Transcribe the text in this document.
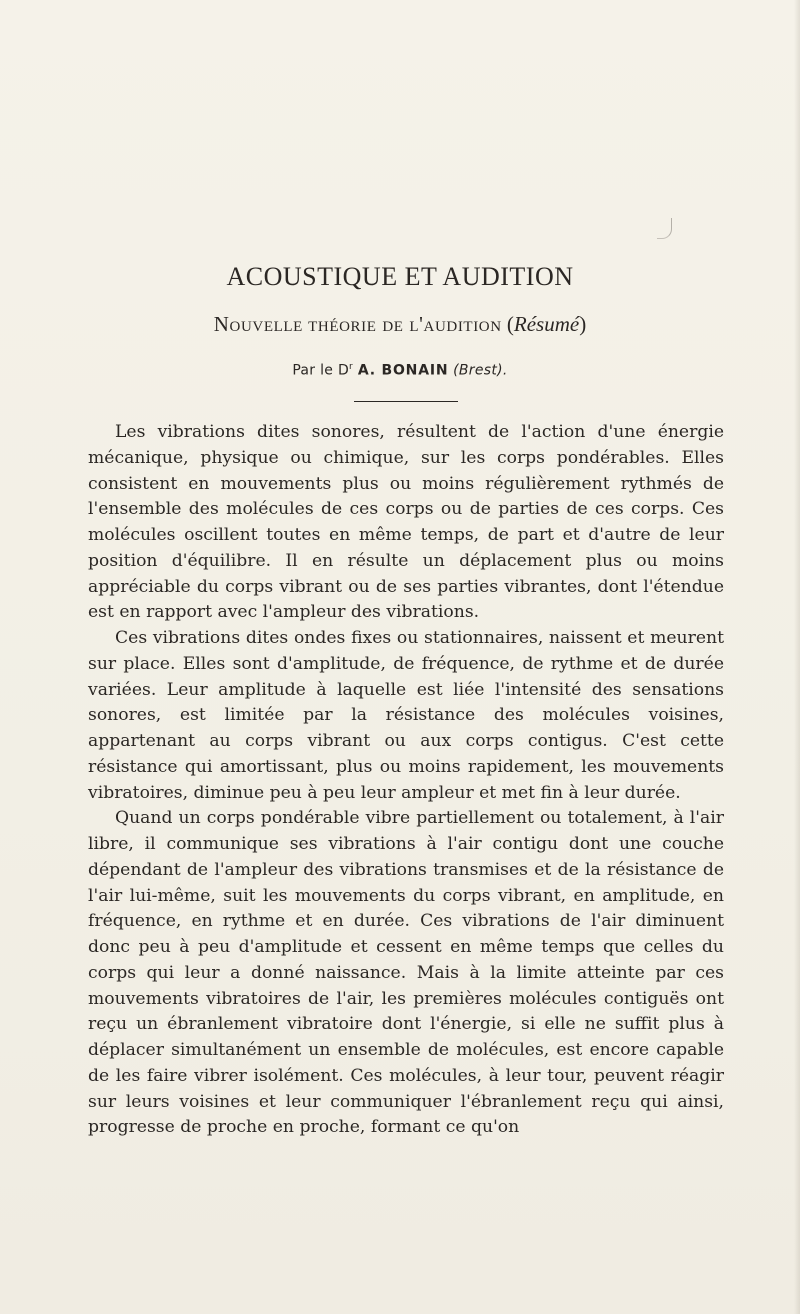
ACOUSTIQUE ET AUDITION
Nouvelle théorie de l'audition (Résumé)
Par le $D^r$ A. BONAIN (Brest).

Les vibrations dites sonores, résultent de l'action d'une énergie mécanique, physique ou chimique, sur les corps pondérables. Elles consistent en mouvements plus ou moins régulièrement rythmés de l'ensemble des molécules de ces corps ou de parties de ces corps. Ces molécules oscillent toutes en même temps, de part et d'autre de leur position d'équilibre. Il en résulte un déplacement plus ou moins appréciable du corps vibrant ou de ses parties vibrantes, dont l'étendue est en rapport avec l'ampleur des vibrations.

Ces vibrations dites ondes fixes ou stationnaires, naissent et meurent sur place. Elles sont d'amplitude, de fréquence, de rythme et de durée variées. Leur amplitude à laquelle est liée l'intensité des sensations sonores, est limitée par la résistance des molécules voisines, appartenant au corps vibrant ou aux corps contigus. C'est cette résistance qui amortissant, plus ou moins rapidement, les mouvements vibratoires, diminue peu à peu leur ampleur et met fin à leur durée.

Quand un corps pondérable vibre partiellement ou totalement, à l'air libre, il communique ses vibrations à l'air contigu dont une couche dépendant de l'ampleur des vibrations transmises et de la résistance de l'air lui-même, suit les mouvements du corps vibrant, en amplitude, en fréquence, en rythme et en durée. Ces vibrations de l'air diminuent donc peu à peu d'amplitude et cessent en même temps que celles du corps qui leur a donné naissance. Mais à la limite atteinte par ces mouvements vibratoires de l'air, les premières molécules contiguës ont reçu un ébranlement vibratoire dont l'énergie, si elle ne suffit plus à déplacer simultanément un ensemble de molécules, est encore capable de les faire vibrer isolément. Ces molécules, à leur tour, peuvent réagir sur leurs voisines et leur communiquer l'ébranlement reçu qui ainsi, progresse de proche en proche, formant ce qu'on
